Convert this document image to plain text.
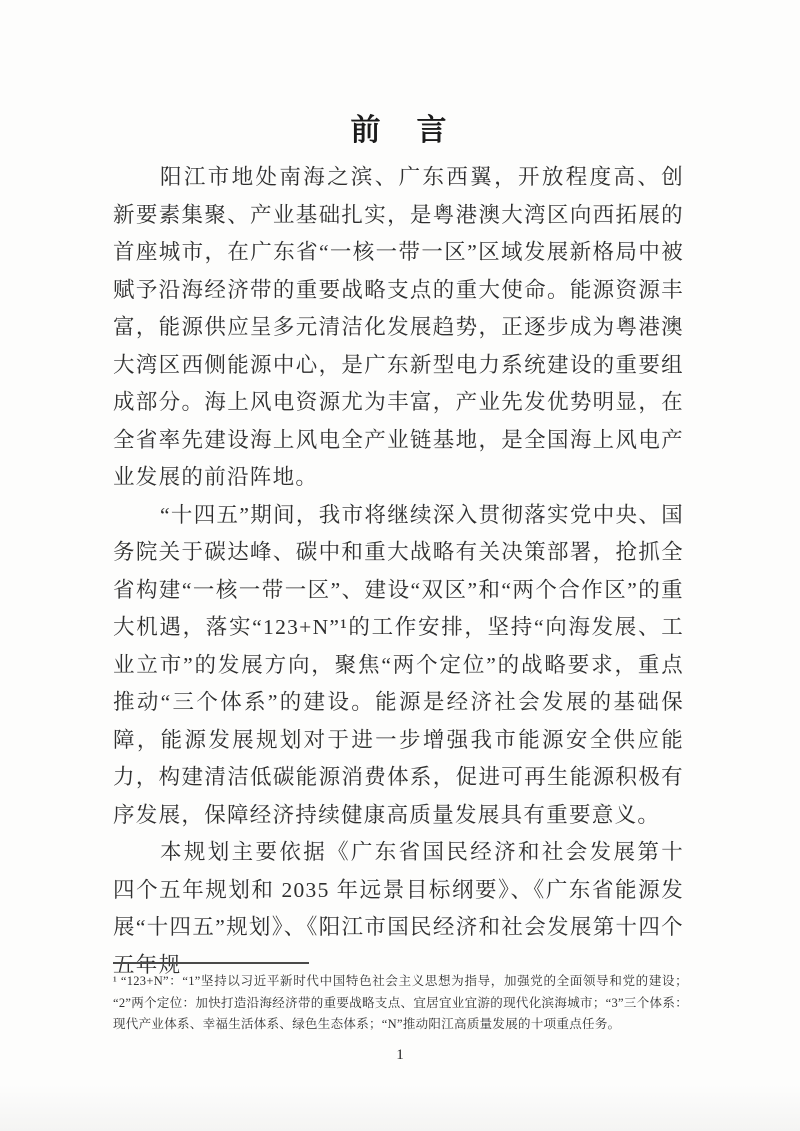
前　言

阳江市地处南海之滨、广东西翼，开放程度高、创新要素集聚、产业基础扎实，是粤港澳大湾区向西拓展的首座城市，在广东省“一核一带一区”区域发展新格局中被赋予沿海经济带的重要战略支点的重大使命。能源资源丰富，能源供应呈多元清洁化发展趋势，正逐步成为粤港澳大湾区西侧能源中心，是广东新型电力系统建设的重要组成部分。海上风电资源尤为丰富，产业先发优势明显，在全省率先建设海上风电全产业链基地，是全国海上风电产业发展的前沿阵地。

“十四五”期间，我市将继续深入贯彻落实党中央、国务院关于碳达峰、碳中和重大战略有关决策部署，抢抓全省构建“一核一带一区”、建设“双区”和“两个合作区”的重大机遇，落实“123+N”¹的工作安排，坚持“向海发展、工业立市”的发展方向，聚焦“两个定位”的战略要求，重点推动“三个体系”的建设。能源是经济社会发展的基础保障，能源发展规划对于进一步增强我市能源安全供应能力，构建清洁低碳能源消费体系，促进可再生能源积极有序发展，保障经济持续健康高质量发展具有重要意义。

本规划主要依据《广东省国民经济和社会发展第十四个五年规划和 2035 年远景目标纲要》、《广东省能源发展“十四五”规划》、《阳江市国民经济和社会发展第十四个五年规

¹ “123+N”：“1”坚持以习近平新时代中国特色社会主义思想为指导，加强党的全面领导和党的建设；“2”两个定位：加快打造沿海经济带的重要战略支点、宜居宜业宜游的现代化滨海城市；“3”三个体系：现代产业体系、幸福生活体系、绿色生态体系；“N”推动阳江高质量发展的十项重点任务。

1
